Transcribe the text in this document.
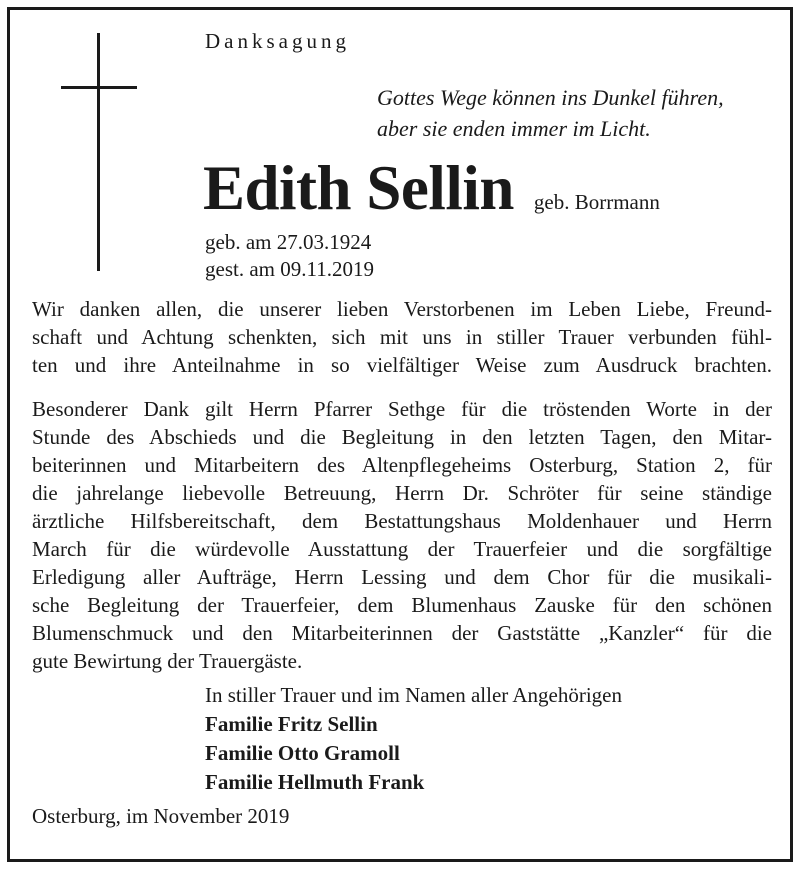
Danksagung
Gottes Wege können ins Dunkel führen,
aber sie enden immer im Licht.
Edith Sellin geb. Borrmann
geb. am 27.03.1924
gest. am 09.11.2019
Wir danken allen, die unserer lieben Verstorbenen im Leben Liebe, Freund-
schaft und Achtung schenkten, sich mit uns in stiller Trauer verbunden fühl-
ten und ihre Anteilnahme in so vielfältiger Weise zum Ausdruck brachten.
Besonderer Dank gilt Herrn Pfarrer Sethge für die tröstenden Worte in der
Stunde des Abschieds und die Begleitung in den letzten Tagen, den Mitar-
beiterinnen und Mitarbeitern des Altenpflegeheims Osterburg, Station 2, für
die jahrelange liebevolle Betreuung, Herrn Dr. Schröter für seine ständige
ärztliche Hilfsbereitschaft, dem Bestattungshaus Moldenhauer und Herrn
March für die würdevolle Ausstattung der Trauerfeier und die sorgfältige
Erledigung aller Aufträge, Herrn Lessing und dem Chor für die musikali-
sche Begleitung der Trauerfeier, dem Blumenhaus Zauske für den schönen
Blumenschmuck und den Mitarbeiterinnen der Gaststätte „Kanzler“ für die
gute Bewirtung der Trauergäste.
In stiller Trauer und im Namen aller Angehörigen
Familie Fritz Sellin
Familie Otto Gramoll
Familie Hellmuth Frank
Osterburg, im November 2019
